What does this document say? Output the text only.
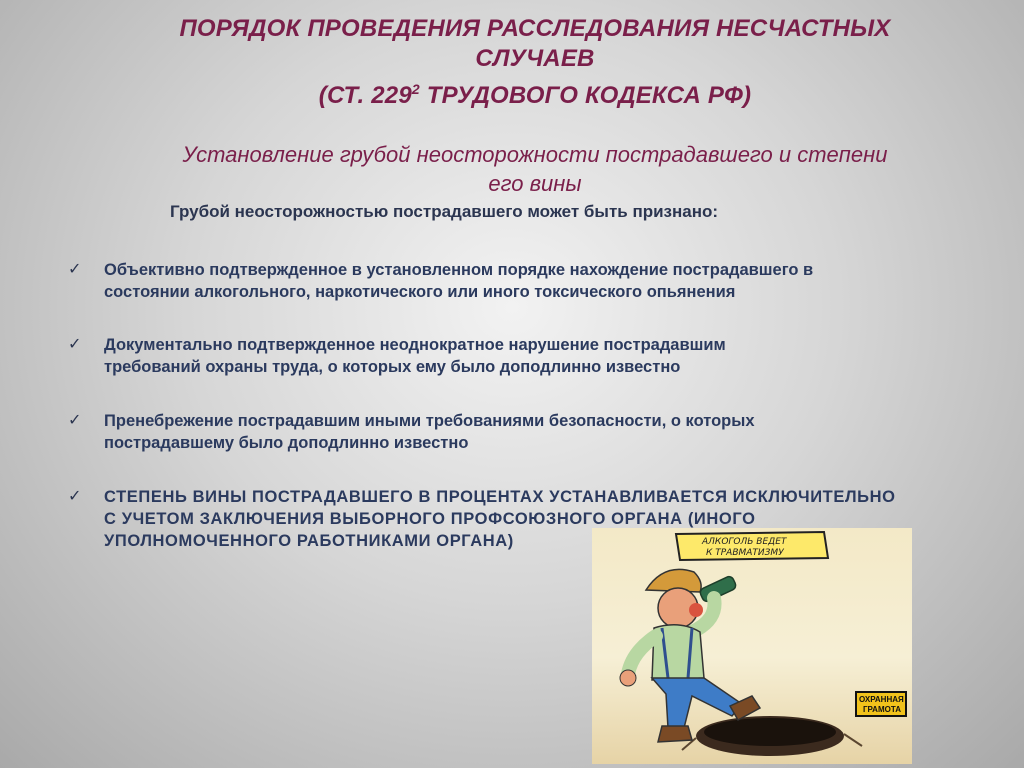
ПОРЯДОК ПРОВЕДЕНИЯ РАССЛЕДОВАНИЯ НЕСЧАСТНЫХ
СЛУЧАЕВ
(СТ. $229^2$ ТРУДОВОГО КОДЕКСА РФ)
Установление грубой неосторожности пострадавшего и степени
его вины
Грубой неосторожностью пострадавшего может быть признано:
✓	Объективно подтвержденное в установленном порядке нахождение пострадавшего в
состоянии алкогольного, наркотического или иного токсического опьянения
✓	Документально подтвержденное неоднократное нарушение пострадавшим
требований охраны труда, о которых ему было доподлинно известно
✓	Пренебрежение пострадавшим иными требованиями безопасности, о которых
пострадавшему было доподлинно известно
✓	СТЕПЕНЬ ВИНЫ ПОСТРАДАВШЕГО В ПРОЦЕНТАХ УСТАНАВЛИВАЕТСЯ ИСКЛЮЧИТЕЛЬНО
С УЧЕТОМ ЗАКЛЮЧЕНИЯ ВЫБОРНОГО ПРОФСОЮЗНОГО ОРГАНА (ИНОГО
УПОЛНОМОЧЕННОГО РАБОТНИКАМИ ОРГАНА)	АЛКОГОЛЬ ВЕДЕТ
К ТРАВМАТИЗМУ
ОХРАННАЯ
ГРАМОТА
